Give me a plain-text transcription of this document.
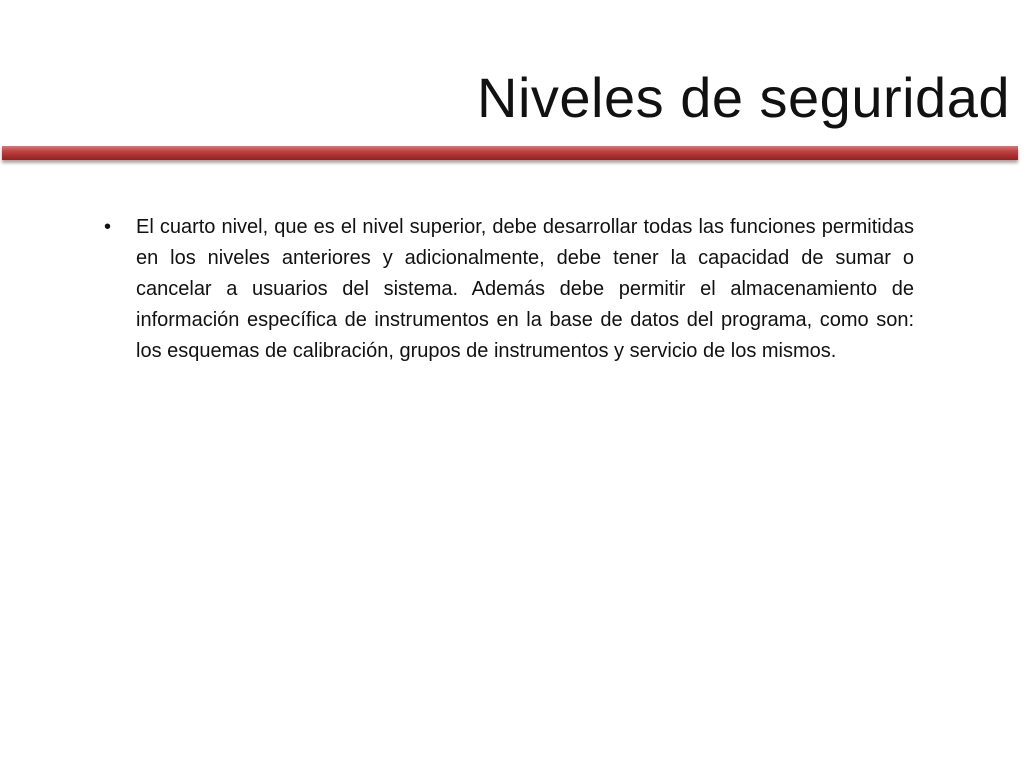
Niveles de seguridad
• El cuarto nivel, que es el nivel superior, debe desarrollar todas las funciones permitidas en los niveles anteriores y adicionalmente, debe tener la capacidad de sumar o cancelar a usuarios del sistema. Además debe permitir el almacenamiento de información específica de instrumentos en la base de datos del programa, como son: los esquemas de calibración, grupos de instrumentos y servicio de los mismos.
